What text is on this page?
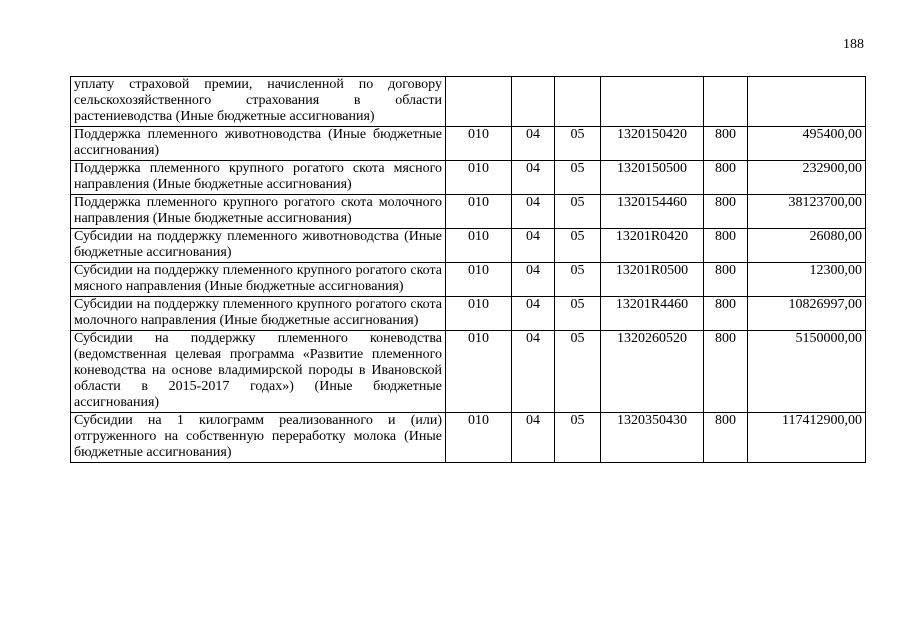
188
уплату страховой премии, начисленной по договору сельскохозяйственного страхования в области растениеводства (Иные бюджетные ассигнования)						
Поддержка племенного животноводства (Иные бюджетные ассигнования)	010	04	05	1320150420	800	495400,00
Поддержка племенного крупного рогатого скота мясного направления (Иные бюджетные ассигнования)	010	04	05	1320150500	800	232900,00
Поддержка племенного крупного рогатого скота молочного направления (Иные бюджетные ассигнования)	010	04	05	1320154460	800	38123700,00
Субсидии на поддержку племенного животноводства (Иные бюджетные ассигнования)	010	04	05	13201R0420	800	26080,00
Субсидии на поддержку племенного крупного рогатого скота мясного направления (Иные бюджетные ассигнования)	010	04	05	13201R0500	800	12300,00
Субсидии на поддержку племенного крупного рогатого скота молочного направления (Иные бюджетные ассигнования)	010	04	05	13201R4460	800	10826997,00
Субсидии на поддержку племенного коневодства (ведомственная целевая программа «Развитие племенного коневодства на основе владимирской породы в Ивановской области в 2015-2017 годах») (Иные бюджетные ассигнования)	010	04	05	1320260520	800	5150000,00
Субсидии на 1 килограмм реализованного и (или) отгруженного на собственную переработку молока (Иные бюджетные ассигнования)	010	04	05	1320350430	800	117412900,00
